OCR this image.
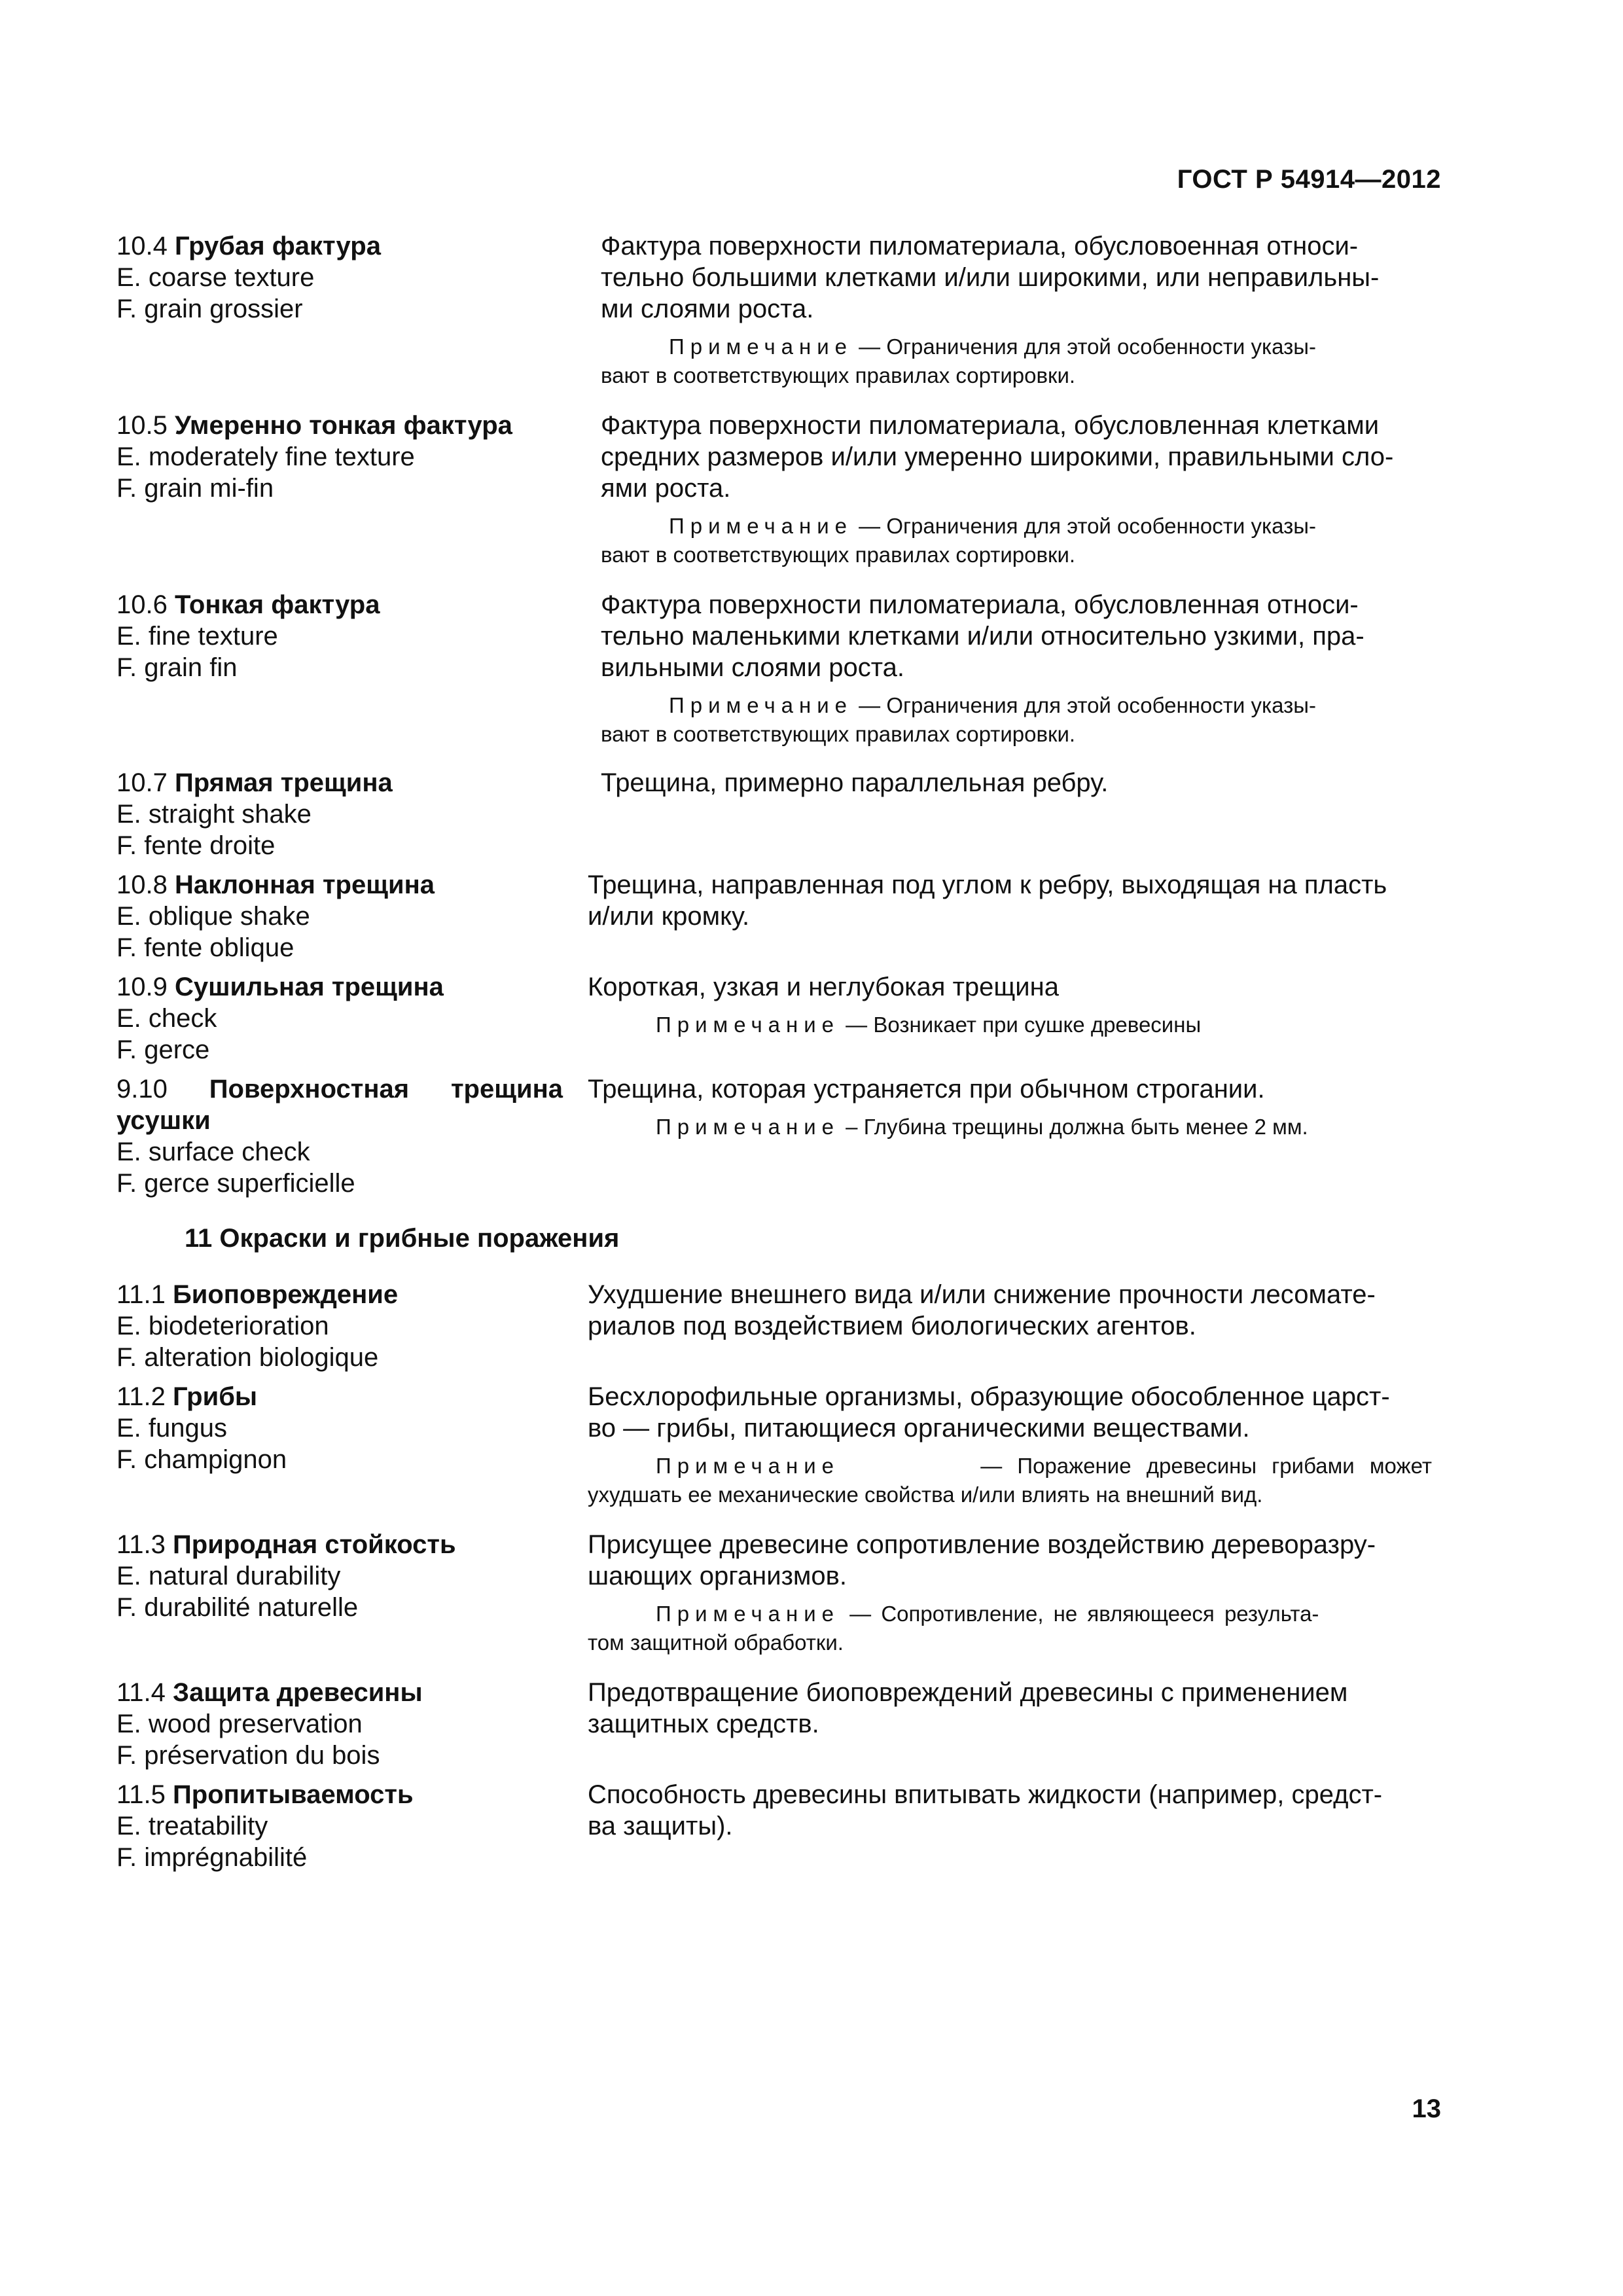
ГОСТ Р 54914—2012
10.4 Грубая фактура
E. coarse texture
F. grain grossier
Фактура поверхности пиломатериала, обусловоенная относи-
тельно большими клетками и/или широкими, или неправильны-
ми слоями роста.
Примечание — Ограничения для этой особенности указы-
вают в соответствующих правилах сортировки.
10.5 Умеренно тонкая фактура
E. moderately fine texture
F. grain mi-fin
Фактура поверхности пиломатериала, обусловленная клетками
средних размеров и/или умеренно широкими, правильными сло-
ями роста.
Примечание — Ограничения для этой особенности указы-
вают в соответствующих правилах сортировки.
10.6 Тонкая фактура
E. fine texture
F. grain fin
Фактура поверхности пиломатериала, обусловленная относи-
тельно маленькими клетками и/или относительно узкими, пра-
вильными слоями роста.
Примечание — Ограничения для этой особенности указы-
вают в соответствующих правилах сортировки.
10.7 Прямая трещина
E. straight shake
F. fente droite
Трещина, примерно параллельная ребру.
10.8 Наклонная трещина
E. oblique shake
F. fente oblique
Трещина, направленная под углом к ребру, выходящая на пласть
и/или кромку.
10.9 Сушильная трещина
E. check
F. gerce
Короткая, узкая и неглубокая трещина
Примечание — Возникает при сушке древесины
9.10 Поверхностная трещина
усушки
E. surface check
F. gerce superficielle
Трещина, которая устраняется при обычном строгании.
Примечание – Глубина трещины должна быть менее 2 мм.
11 Окраски и грибные поражения
11.1 Биоповреждение
E. biodeterioration
F. alteration biologique
Ухудшение внешнего вида и/или снижение прочности лесомате-
риалов под воздействием биологических агентов.
11.2 Грибы
E. fungus
F. champignon
Бесхлорофильные организмы, образующие обособленное царст-
во — грибы, питающиеся органическими веществами.
Примечание	— Поражение древесины грибами может
ухудшать ее механические свойства и/или влиять на внешний вид.
11.3 Природная стойкость
E. natural durability
F. durabilité naturelle
Присущее древесине сопротивление воздействию дереворазру-
шающих организмов.
Примечание — Сопротивление, не являющееся результа-
том защитной обработки.
11.4 Защита древесины
E. wood preservation
F. préservation du bois
Предотвращение биоповреждений древесины с применением
защитных средств.
11.5 Пропитываемость
E. treatability
F. imprégnabilité
Способность древесины впитывать жидкости (например, средст-
ва защиты).
13
